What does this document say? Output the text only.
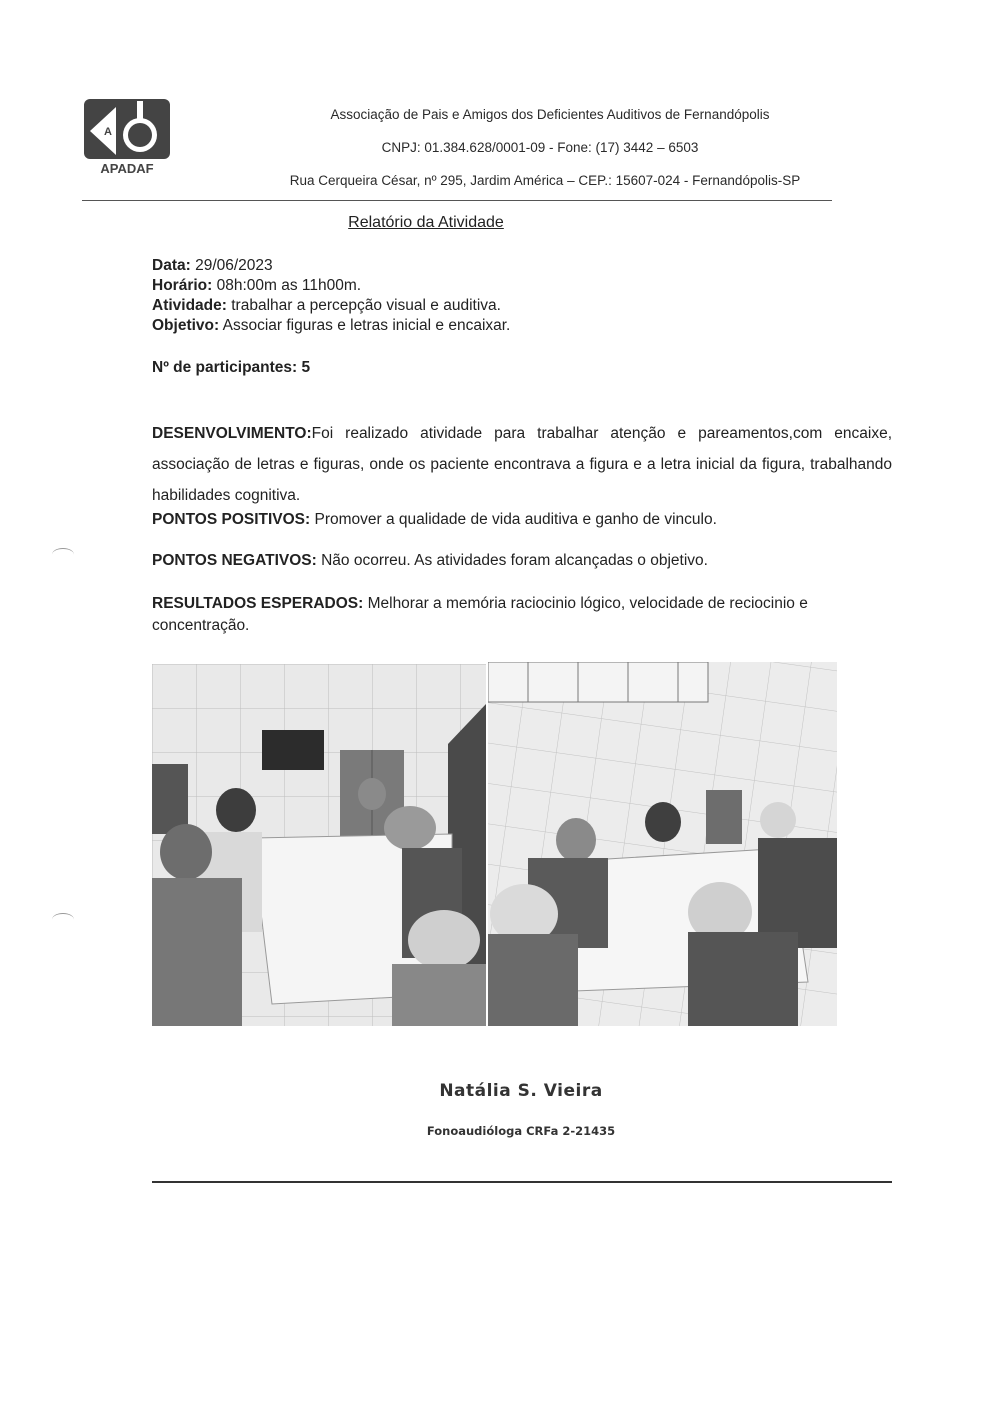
A
APADAF
Associação de Pais e Amigos dos Deficientes Auditivos de Fernandópolis
CNPJ: 01.384.628/0001-09 - Fone: (17) 3442 – 6503
Rua Cerqueira César, nº 295, Jardim América – CEP.: 15607-024 - Fernandópolis-SP
Relatório da Atividade
Data: 29/06/2023
Horário: 08h:00m as 11h00m.
Atividade: trabalhar a percepção visual e auditiva.
Objetivo: Associar figuras e letras inicial e encaixar.
Nº de participantes: 5
DESENVOLVIMENTO:Foi realizado atividade para trabalhar atenção e pareamentos,com encaixe, associação de letras e figuras, onde os paciente encontrava a figura e a letra inicial da figura, trabalhando habilidades cognitiva.
PONTOS POSITIVOS: Promover a qualidade de vida auditiva e ganho de vinculo.
PONTOS NEGATIVOS: Não ocorreu. As atividades foram alcançadas o objetivo.
RESULTADOS ESPERADOS: Melhorar a memória raciocinio lógico, velocidade de reciocinio e concentração.
Natália S. Vieira
Fonoaudióloga CRFa 2-21435
